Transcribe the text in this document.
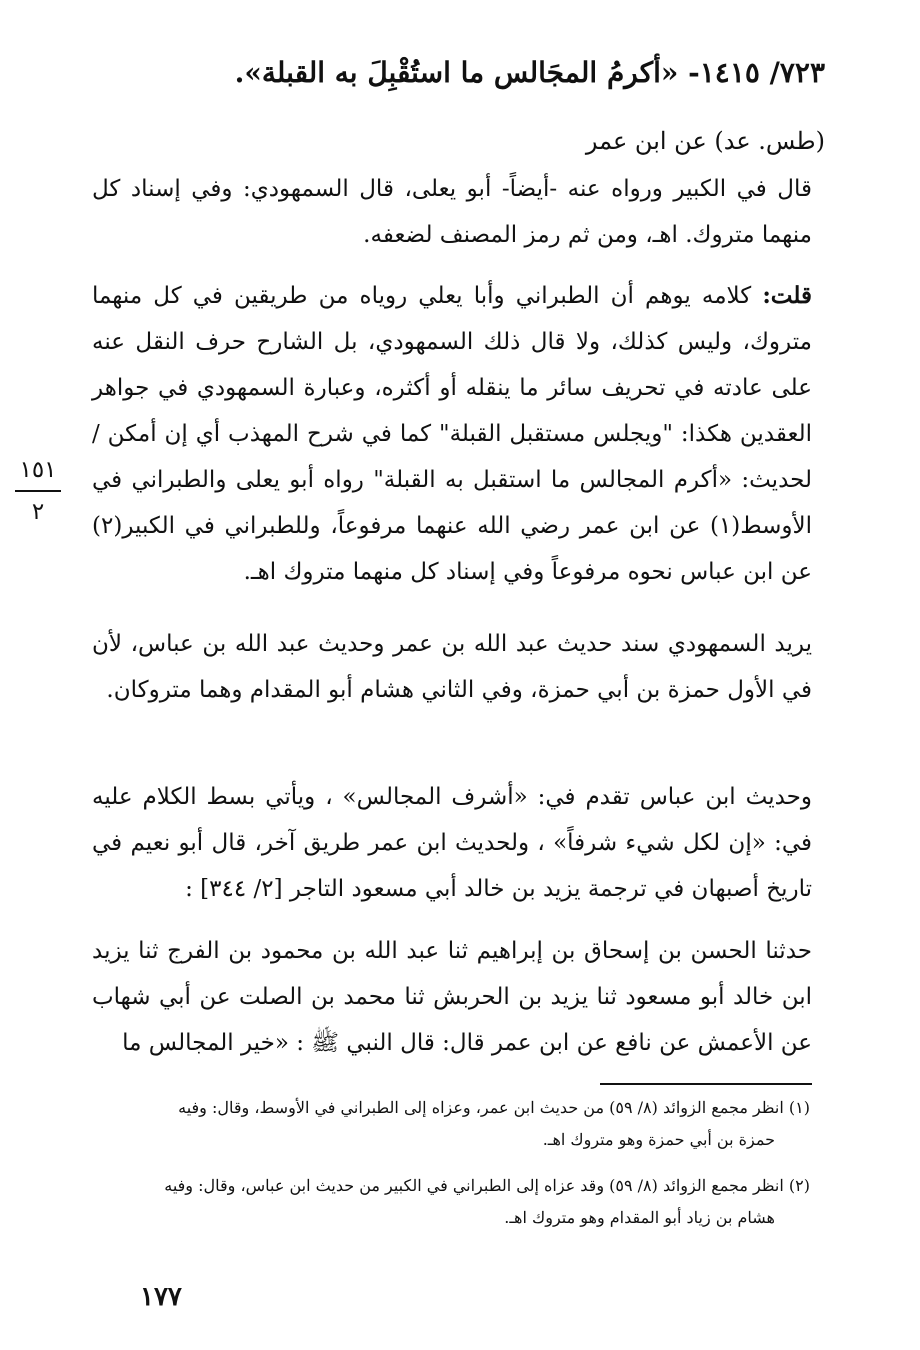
٧٢٣/ ١٤١٥- «أكرمُ المجَالس ما استُقْبِلَ به القبلة».
(طس. عد) عن ابن عمر
قال في الكبير ورواه عنه -أيضاً- أبو يعلى، قال السمهودي: وفي إسناد كل منهما متروك. اهـ، ومن ثم رمز المصنف لضعفه.
قلت: كلامه يوهم أن الطبراني وأبا يعلي روياه من طريقين في كل منهما متروك، وليس كذلك، ولا قال ذلك السمهودي، بل الشارح حرف النقل عنه على عادته في تحريف سائر ما ينقله أو أكثره، وعبارة السمهودي في جواهر العقدين هكذا: "ويجلس مستقبل القبلة" كما في شرح المهذب أي إن أمكن / لحديث: «أكرم المجالس ما استقبل به القبلة" رواه أبو يعلى والطبراني في الأوسط(١) عن ابن عمر رضي الله عنهما مرفوعاً، وللطبراني في الكبير(٢) عن ابن عباس نحوه مرفوعاً وفي إسناد كل منهما متروك اهـ.
يريد السمهودي سند حديث عبد الله بن عمر وحديث عبد الله بن عباس، لأن في الأول حمزة بن أبي حمزة، وفي الثاني هشام أبو المقدام وهما متروكان.
وحديث ابن عباس تقدم في: «أشرف المجالس» ، ويأتي بسط الكلام عليه في: «إن لكل شيء شرفاً» ، ولحديث ابن عمر طريق آخر، قال أبو نعيم في تاريخ أصبهان في ترجمة يزيد بن خالد أبي مسعود التاجر [٢/ ٣٤٤] :
حدثنا الحسن بن إسحاق بن إبراهيم ثنا عبد الله بن محمود بن الفرج ثنا يزيد ابن خالد أبو مسعود ثنا يزيد بن الحربش ثنا محمد بن الصلت عن أبي شهاب عن الأعمش عن نافع عن ابن عمر قال: قال النبي ﷺ : «خير المجالس ما
١٥١
٢
(١) انظر مجمع الزوائد (٨/ ٥٩) من حديث ابن عمر، وعزاه إلى الطبراني في الأوسط، وقال: وفيه
حمزة بن أبي حمزة وهو متروك اهـ.
(٢) انظر مجمع الزوائد (٨/ ٥٩) وقد عزاه إلى الطبراني في الكبير من حديث ابن عباس، وقال: وفيه
هشام بن زياد أبو المقدام وهو متروك اهـ.
١٧٧
